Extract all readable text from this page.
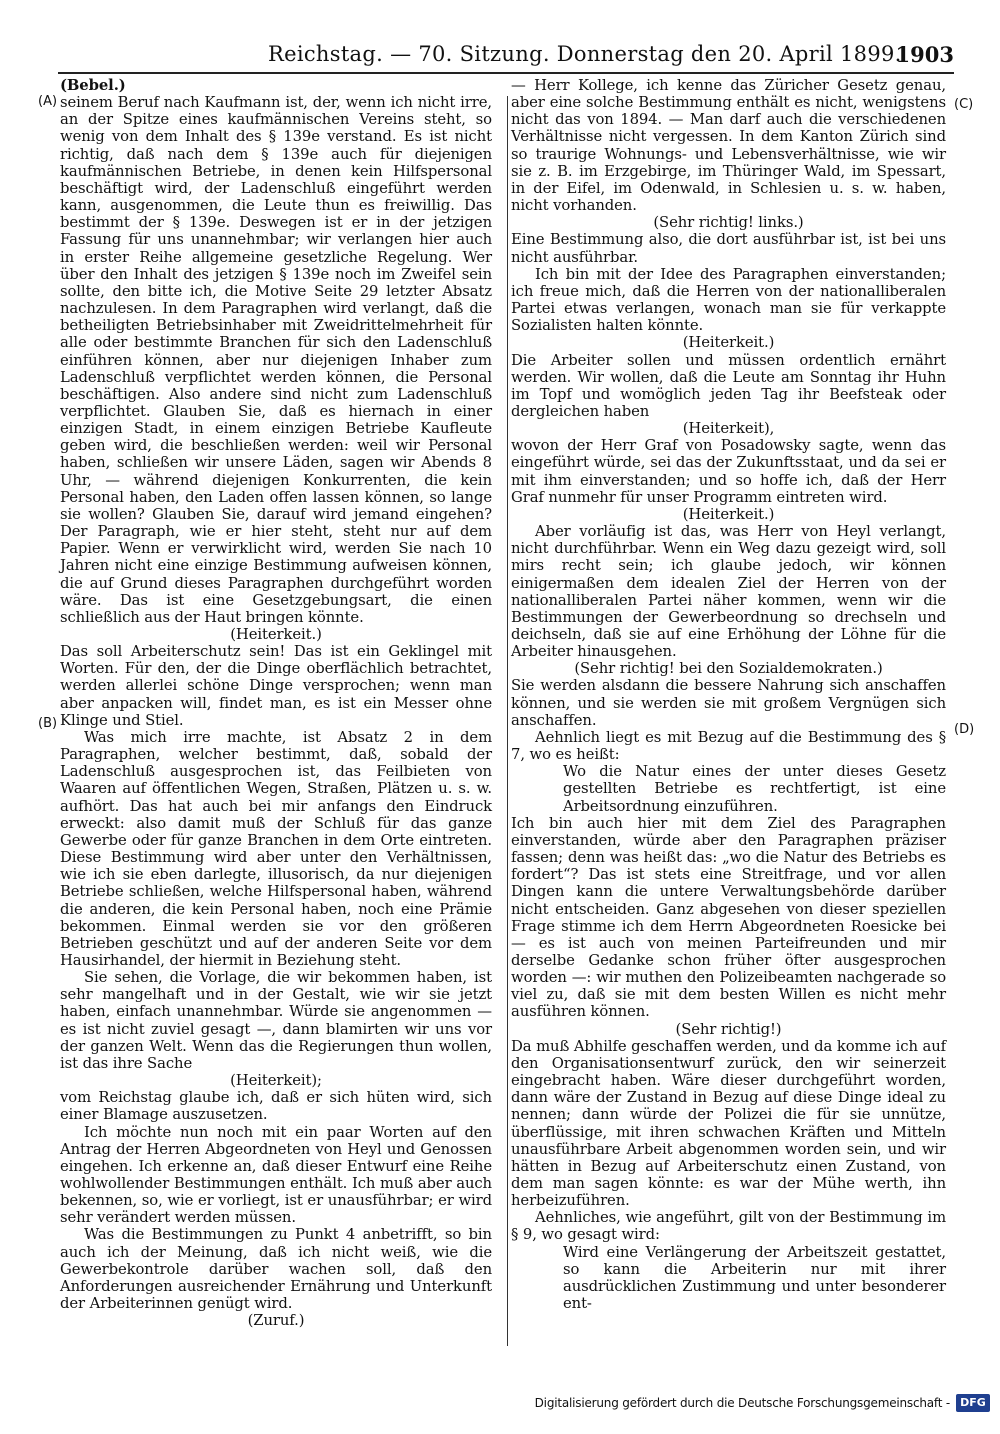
Reichstag. — 70. Sitzung. Donnerstag den 20. April 1899.
1903
(A)
(B)
(C)
(D)

(Bebel.)

seinem Beruf nach Kaufmann ist, der, wenn ich nicht irre, an der Spitze eines kaufmännischen Vereins steht, so wenig von dem Inhalt des § 139e verstand. Es ist nicht richtig, daß nach dem § 139e auch für diejenigen kaufmännischen Betriebe, in denen kein Hilfspersonal beschäftigt wird, der Ladenschluß eingeführt werden kann, ausgenommen, die Leute thun es freiwillig. Das bestimmt der § 139e. Deswegen ist er in der jetzigen Fassung für uns unannehmbar; wir verlangen hier auch in erster Reihe allgemeine gesetzliche Regelung. Wer über den Inhalt des jetzigen § 139e noch im Zweifel sein sollte, den bitte ich, die Motive Seite 29 letzter Absatz nachzulesen. In dem Paragraphen wird verlangt, daß die betheiligten Betriebsinhaber mit Zweidrittelmehrheit für alle oder bestimmte Branchen für sich den Ladenschluß einführen können, aber nur diejenigen Inhaber zum Ladenschluß verpflichtet werden können, die Personal beschäftigen. Also andere sind nicht zum Ladenschluß verpflichtet. Glauben Sie, daß es hiernach in einer einzigen Stadt, in einem einzigen Betriebe Kaufleute geben wird, die beschließen werden: weil wir Personal haben, schließen wir unsere Läden, sagen wir Abends 8 Uhr, — während diejenigen Konkurrenten, die kein Personal haben, den Laden offen lassen können, so lange sie wollen? Glauben Sie, darauf wird jemand eingehen? Der Paragraph, wie er hier steht, steht nur auf dem Papier. Wenn er verwirklicht wird, werden Sie nach 10 Jahren nicht eine einzige Bestimmung aufweisen können, die auf Grund dieses Paragraphen durchgeführt worden wäre. Das ist eine Gesetzgebungsart, die einen schließlich aus der Haut bringen könnte.

(Heiterkeit.)

Das soll Arbeiterschutz sein! Das ist ein Geklingel mit Worten. Für den, der die Dinge oberflächlich betrachtet, werden allerlei schöne Dinge versprochen; wenn man aber anpacken will, findet man, es ist ein Messer ohne Klinge und Stiel.

Was mich irre machte, ist Absatz 2 in dem Paragraphen, welcher bestimmt, daß, sobald der Ladenschluß ausgesprochen ist, das Feilbieten von Waaren auf öffentlichen Wegen, Straßen, Plätzen u. s. w. aufhört. Das hat auch bei mir anfangs den Eindruck erweckt: also damit muß der Schluß für das ganze Gewerbe oder für ganze Branchen in dem Orte eintreten. Diese Bestimmung wird aber unter den Verhältnissen, wie ich sie eben darlegte, illusorisch, da nur diejenigen Betriebe schließen, welche Hilfspersonal haben, während die anderen, die kein Personal haben, noch eine Prämie bekommen. Einmal werden sie vor den größeren Betrieben geschützt und auf der anderen Seite vor dem Hausirhandel, der hiermit in Beziehung steht.

Sie sehen, die Vorlage, die wir bekommen haben, ist sehr mangelhaft und in der Gestalt, wie wir sie jetzt haben, einfach unannehmbar. Würde sie angenommen — es ist nicht zuviel gesagt —, dann blamirten wir uns vor der ganzen Welt. Wenn das die Regierungen thun wollen, ist das ihre Sache

(Heiterkeit);

vom Reichstag glaube ich, daß er sich hüten wird, sich einer Blamage auszusetzen.

Ich möchte nun noch mit ein paar Worten auf den Antrag der Herren Abgeordneten von Heyl und Genossen eingehen. Ich erkenne an, daß dieser Entwurf eine Reihe wohlwollender Bestimmungen enthält. Ich muß aber auch bekennen, so, wie er vorliegt, ist er unausführbar; er wird sehr verändert werden müssen.

Was die Bestimmungen zu Punkt 4 anbetrifft, so bin auch ich der Meinung, daß ich nicht weiß, wie die Gewerbekontrole darüber wachen soll, daß den Anforderungen ausreichender Ernährung und Unterkunft der Arbeiterinnen genügt wird.

(Zuruf.)

— Herr Kollege, ich kenne das Züricher Gesetz genau, aber eine solche Bestimmung enthält es nicht, wenigstens nicht das von 1894. — Man darf auch die verschiedenen Verhältnisse nicht vergessen. In dem Kanton Zürich sind so traurige Wohnungs- und Lebensverhältnisse, wie wir sie z. B. im Erzgebirge, im Thüringer Wald, im Spessart, in der Eifel, im Odenwald, in Schlesien u. s. w. haben, nicht vorhanden.

(Sehr richtig! links.)

Eine Bestimmung also, die dort ausführbar ist, ist bei uns nicht ausführbar.

Ich bin mit der Idee des Paragraphen einverstanden; ich freue mich, daß die Herren von der nationalliberalen Partei etwas verlangen, wonach man sie für verkappte Sozialisten halten könnte.

(Heiterkeit.)

Die Arbeiter sollen und müssen ordentlich ernährt werden. Wir wollen, daß die Leute am Sonntag ihr Huhn im Topf und womöglich jeden Tag ihr Beefsteak oder dergleichen haben

(Heiterkeit),

wovon der Herr Graf von Posadowsky sagte, wenn das eingeführt würde, sei das der Zukunftsstaat, und da sei er mit ihm einverstanden; und so hoffe ich, daß der Herr Graf nunmehr für unser Programm eintreten wird.

(Heiterkeit.)

Aber vorläufig ist das, was Herr von Heyl verlangt, nicht durchführbar. Wenn ein Weg dazu gezeigt wird, soll mirs recht sein; ich glaube jedoch, wir können einigermaßen dem idealen Ziel der Herren von der nationalliberalen Partei näher kommen, wenn wir die Bestimmungen der Gewerbeordnung so drechseln und deichseln, daß sie auf eine Erhöhung der Löhne für die Arbeiter hinausgehen.

(Sehr richtig! bei den Sozialdemokraten.)

Sie werden alsdann die bessere Nahrung sich anschaffen können, und sie werden sie mit großem Vergnügen sich anschaffen.

Aehnlich liegt es mit Bezug auf die Bestimmung des § 7, wo es heißt:

Wo die Natur eines der unter dieses Gesetz gestellten Betriebe es rechtfertigt, ist eine Arbeitsordnung einzuführen.

Ich bin auch hier mit dem Ziel des Paragraphen einverstanden, würde aber den Paragraphen präziser fassen; denn was heißt das: „wo die Natur des Betriebs es fordert“? Das ist stets eine Streitfrage, und vor allen Dingen kann die untere Verwaltungsbehörde darüber nicht entscheiden. Ganz abgesehen von dieser speziellen Frage stimme ich dem Herrn Abgeordneten Roesicke bei — es ist auch von meinen Parteifreunden und mir derselbe Gedanke schon früher öfter ausgesprochen worden —: wir muthen den Polizeibeamten nachgerade so viel zu, daß sie mit dem besten Willen es nicht mehr ausführen können.

(Sehr richtig!)

Da muß Abhilfe geschaffen werden, und da komme ich auf den Organisationsentwurf zurück, den wir seinerzeit eingebracht haben. Wäre dieser durchgeführt worden, dann wäre der Zustand in Bezug auf diese Dinge ideal zu nennen; dann würde der Polizei die für sie unnütze, überflüssige, mit ihren schwachen Kräften und Mitteln unausführbare Arbeit abgenommen worden sein, und wir hätten in Bezug auf Arbeiterschutz einen Zustand, von dem man sagen könnte: es war der Mühe werth, ihn herbeizuführen.

Aehnliches, wie angeführt, gilt von der Bestimmung im § 9, wo gesagt wird:

Wird eine Verlängerung der Arbeitszeit gestattet, so kann die Arbeiterin nur mit ihrer ausdrücklichen Zustimmung und unter besonderer ent-

Digitalisierung gefördert durch die Deutsche Forschungsgemeinschaft - DFG
